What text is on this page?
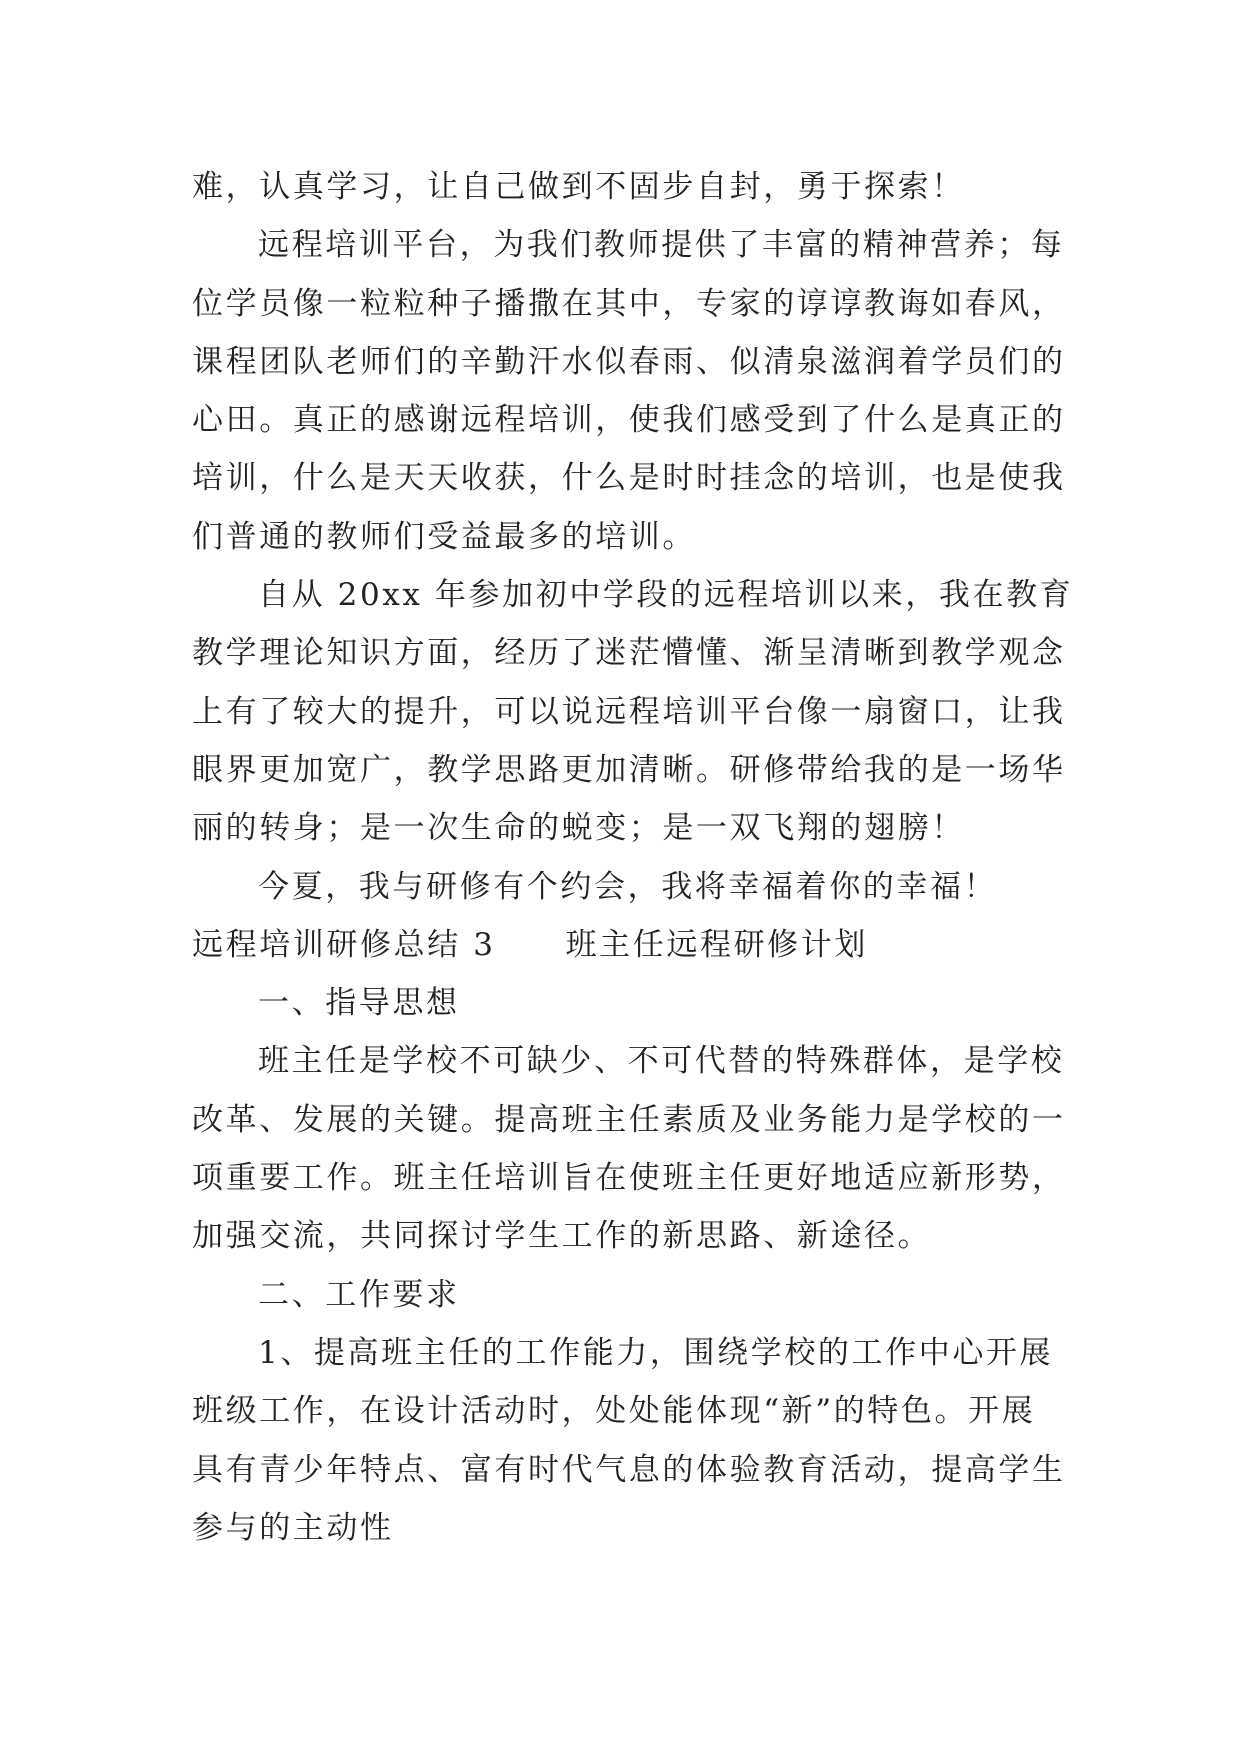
难，认真学习，让自己做到不固步自封，勇于探索！
远程培训平台，为我们教师提供了丰富的精神营养；每
位学员像一粒粒种子播撒在其中，专家的谆谆教诲如春风，
课程团队老师们的辛勤汗水似春雨、似清泉滋润着学员们的
心田。真正的感谢远程培训，使我们感受到了什么是真正的
培训，什么是天天收获，什么是时时挂念的培训，也是使我
们普通的教师们受益最多的培训。
自从 20xx 年参加初中学段的远程培训以来，我在教育
教学理论知识方面，经历了迷茫懵懂、渐呈清晰到教学观念
上有了较大的提升，可以说远程培训平台像一扇窗口，让我
眼界更加宽广，教学思路更加清晰。研修带给我的是一场华
丽的转身；是一次生命的蜕变；是一双飞翔的翅膀！
今夏，我与研修有个约会，我将幸福着你的幸福！
远程培训研修总结 3 班主任远程研修计划
一、指导思想
班主任是学校不可缺少、不可代替的特殊群体，是学校
改革、发展的关键。提高班主任素质及业务能力是学校的一
项重要工作。班主任培训旨在使班主任更好地适应新形势，
加强交流，共同探讨学生工作的新思路、新途径。
二、工作要求
1、提高班主任的工作能力，围绕学校的工作中心开展
班级工作，在设计活动时，处处能体现“新”的特色。开展
具有青少年特点、富有时代气息的体验教育活动，提高学生
参与的主动性
